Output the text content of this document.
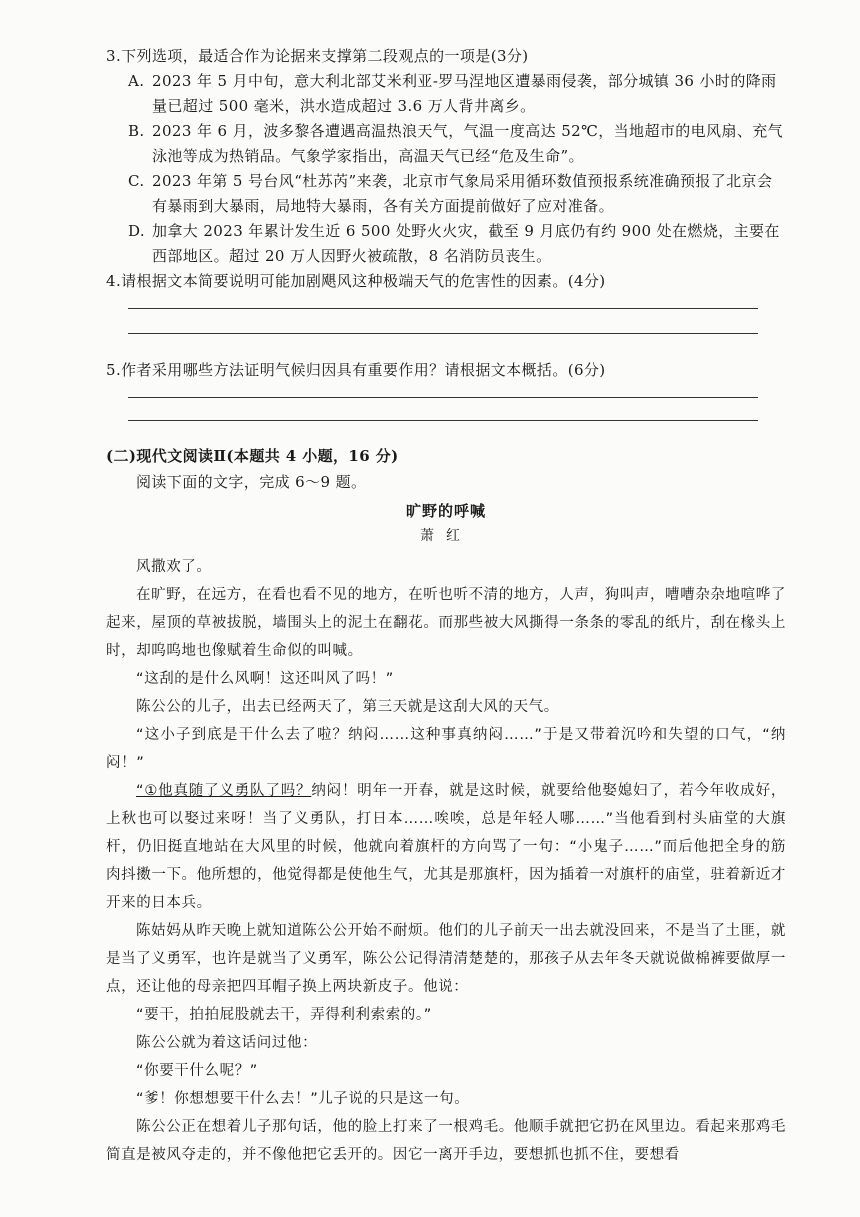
3.下列选项，最适合作为论据来支撑第二段观点的一项是(3分)

A. 2023 年 5 月中旬，意大利北部艾米利亚-罗马涅地区遭暴雨侵袭，部分城镇 36 小时的降雨量已超过 500 毫米，洪水造成超过 3.6 万人背井离乡。
B. 2023 年 6 月，波多黎各遭遇高温热浪天气，气温一度高达 52℃，当地超市的电风扇、充气泳池等成为热销品。气象学家指出，高温天气已经“危及生命”。
C. 2023 年第 5 号台风“杜苏芮”来袭，北京市气象局采用循环数值预报系统准确预报了北京会有暴雨到大暴雨，局地特大暴雨，各有关方面提前做好了应对准备。
D. 加拿大 2023 年累计发生近 6 500 处野火火灾，截至 9 月底仍有约 900 处在燃烧，主要在西部地区。超过 20 万人因野火被疏散，8 名消防员丧生。

4.请根据文本简要说明可能加剧飓风这种极端天气的危害性的因素。(4分)

5.作者采用哪些方法证明气候归因具有重要作用？请根据文本概括。(6分)

(二)现代文阅读Ⅱ(本题共 4 小题，16 分)
阅读下面的文字，完成 6～9 题。
旷野的呼喊
萧红

风撒欢了。

在旷野，在远方，在看也看不见的地方，在听也听不清的地方，人声，狗叫声，嘈嘈杂杂地喧哗了起来，屋顶的草被拔脱，墙围头上的泥土在翻花。而那些被大风撕得一条条的零乱的纸片，刮在椽头上时，却呜呜地也像赋着生命似的叫喊。

“这刮的是什么风啊！这还叫风了吗！”

陈公公的儿子，出去已经两天了，第三天就是这刮大风的天气。

“这小子到底是干什么去了啦？纳闷……这种事真纳闷……”于是又带着沉吟和失望的口气，“纳闷！”

“①他真随了义勇队了吗？纳闷！明年一开春，就是这时候，就要给他娶媳妇了，若今年收成好，上秋也可以娶过来呀！当了义勇队，打日本……唉唉，总是年轻人哪……”当他看到村头庙堂的大旗杆，仍旧挺直地站在大风里的时候，他就向着旗杆的方向骂了一句：“小鬼子……”而后他把全身的筋肉抖擞一下。他所想的，他觉得都是使他生气，尤其是那旗杆，因为插着一对旗杆的庙堂，驻着新近才开来的日本兵。

陈姑妈从昨天晚上就知道陈公公开始不耐烦。他们的儿子前天一出去就没回来，不是当了土匪，就是当了义勇军，也许是就当了义勇军，陈公公记得清清楚楚的，那孩子从去年冬天就说做棉裤要做厚一点，还让他的母亲把四耳帽子换上两块新皮子。他说：

“要干，拍拍屁股就去干，弄得利利索索的。”

陈公公就为着这话问过他：

“你要干什么呢？”

“爹！你想想要干什么去！”儿子说的只是这一句。

陈公公正在想着儿子那句话，他的脸上打来了一根鸡毛。他顺手就把它扔在风里边。看起来那鸡毛简直是被风夺走的，并不像他把它丢开的。因它一离开手边，要想抓也抓不住，要想看
